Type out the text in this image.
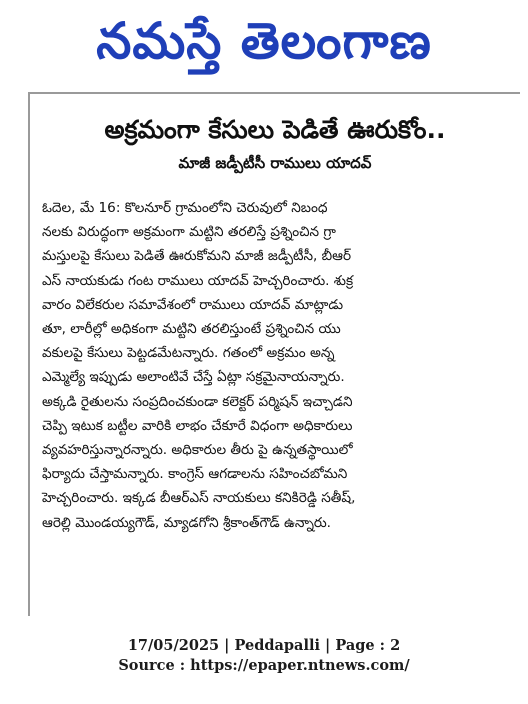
నమస్తే తెలంగాణ
అక్రమంగా కేసులు పెడితే ఊరుకోం..
మాజీ జడ్పీటీసీ రాములు యాదవ్
ఓదెల, మే 16: కొలనూర్ గ్రామంలోని చెరువులో నిబంధ
నలకు విరుద్ధంగా అక్రమంగా మట్టిని తరలిస్తే ప్రశ్నించిన గ్రా
మస్తులపై కేసులు పెడితే ఊరుకోమని మాజీ జడ్పీటీసీ, బీఆర్
ఎస్ నాయకుడు గంట రాములు యాదవ్ హెచ్చరించారు. శుక్ర
వారం విలేకరుల సమావేశంలో రాములు యాదవ్ మాట్లాడు
తూ, లారీల్లో అధికంగా మట్టిని తరలిస్తుంటే ప్రశ్నించిన యు
వకులపై కేసులు పెట్టడమేటన్నారు. గతంలో అక్రమం అన్న
ఎమ్మెల్యే ఇప్పుడు అలాంటివే చేస్తే ఏట్లా సక్రమైనాయన్నారు.
అక్కడి రైతులను సంప్రదించకుండా కలెక్టర్ పర్మిషన్ ఇచ్చాడని
చెప్పి ఇటుక బట్టీల వారికి లాభం చేకూరే విధంగా అధికారులు
వ్యవహరిస్తున్నారన్నారు. అధికారుల తీరు పై ఉన్నతస్థాయిలో
ఫిర్యాదు చేస్తామన్నారు. కాంగ్రెస్ ఆగడాలను సహించబోమని
హెచ్చరించారు. ఇక్కడ బీఆర్ఎస్ నాయకులు కనికిరెడ్డి సతీష్,
ఆరెల్లి మొండయ్యగౌడ్, మ్యాడగోని శ్రీకాంత్‌గౌడ్ ఉన్నారు.
17/05/2025 | Peddapalli | Page : 2
Source : https://epaper.ntnews.com/
